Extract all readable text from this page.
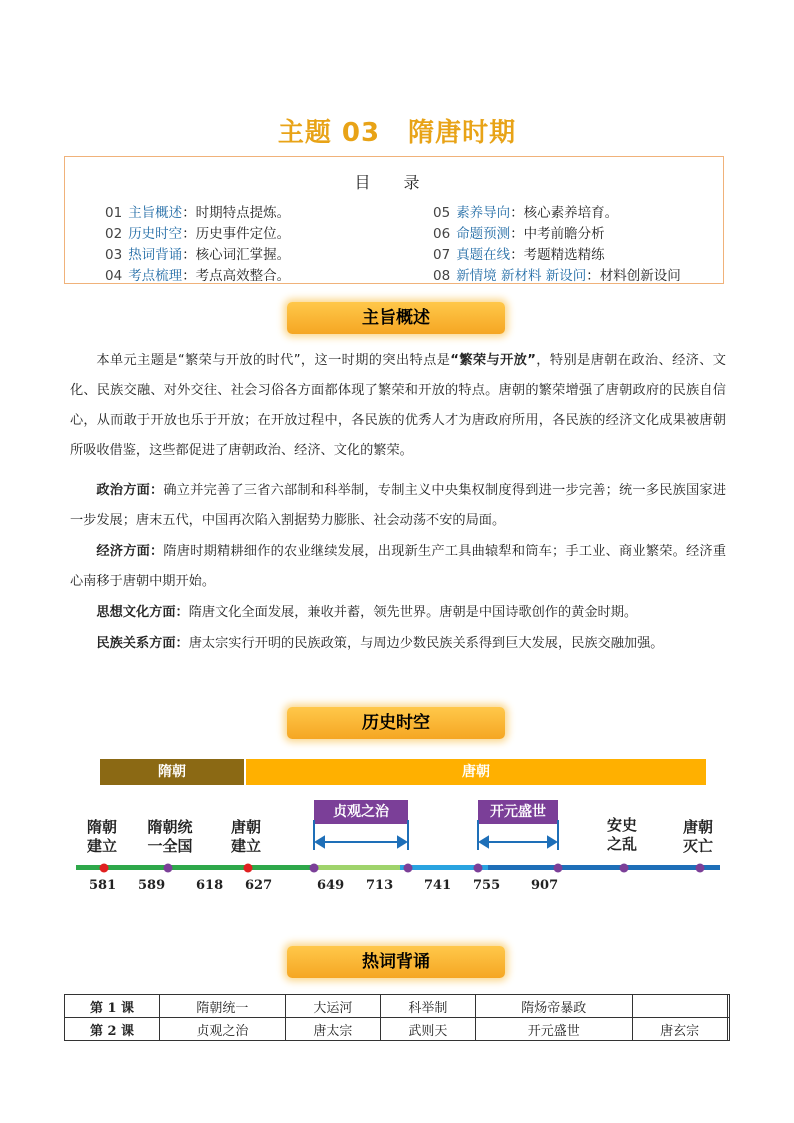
主题 03 隋唐时期
目 录
01 主旨概述：时期特点提炼。
02 历史时空：历史事件定位。
03 热词背诵：核心词汇掌握。
04 考点梳理：考点高效整合。
05 素养导向：核心素养培育。
06 命题预测：中考前瞻分析
07 真题在线：考题精选精练
08 新情境 新材料 新设问：材料创新设问
主旨概述
本单元主题是“繁荣与开放的时代”，这一时期的突出特点是“繁荣与开放”，特别是唐朝在政治、经济、文化、民族交融、对外交往、社会习俗各方面都体现了繁荣和开放的特点。唐朝的繁荣增强了唐朝政府的民族自信心，从而敢于开放也乐于开放；在开放过程中，各民族的优秀人才为唐政府所用，各民族的经济文化成果被唐朝所吸收借鉴，这些都促进了唐朝政治、经济、文化的繁荣。
政治方面：确立并完善了三省六部制和科举制，专制主义中央集权制度得到进一步完善；统一多民族国家进一步发展；唐末五代，中国再次陷入割据势力膨胀、社会动荡不安的局面。
经济方面：隋唐时期精耕细作的农业继续发展，出现新生产工具曲辕犁和筒车；手工业、商业繁荣。经济重心南移于唐朝中期开始。
思想文化方面：隋唐文化全面发展，兼收并蓄，领先世界。唐朝是中国诗歌创作的黄金时期。
民族关系方面：唐太宗实行开明的民族政策，与周边少数民族关系得到巨大发展，民族交融加强。
历史时空
隋朝	唐朝
隋朝
建立
隋朝统
一全国
唐朝
建立
安史
之乱
唐朝
灭亡
贞观之治	开元盛世
581 589 618 627	649 713 741 755 907
热词背诵
第 1 课	隋朝统一	大运河	科举制	隋炀帝暴政		
第 2 课	贞观之治	唐太宗	武则天	开元盛世	唐玄宗	
